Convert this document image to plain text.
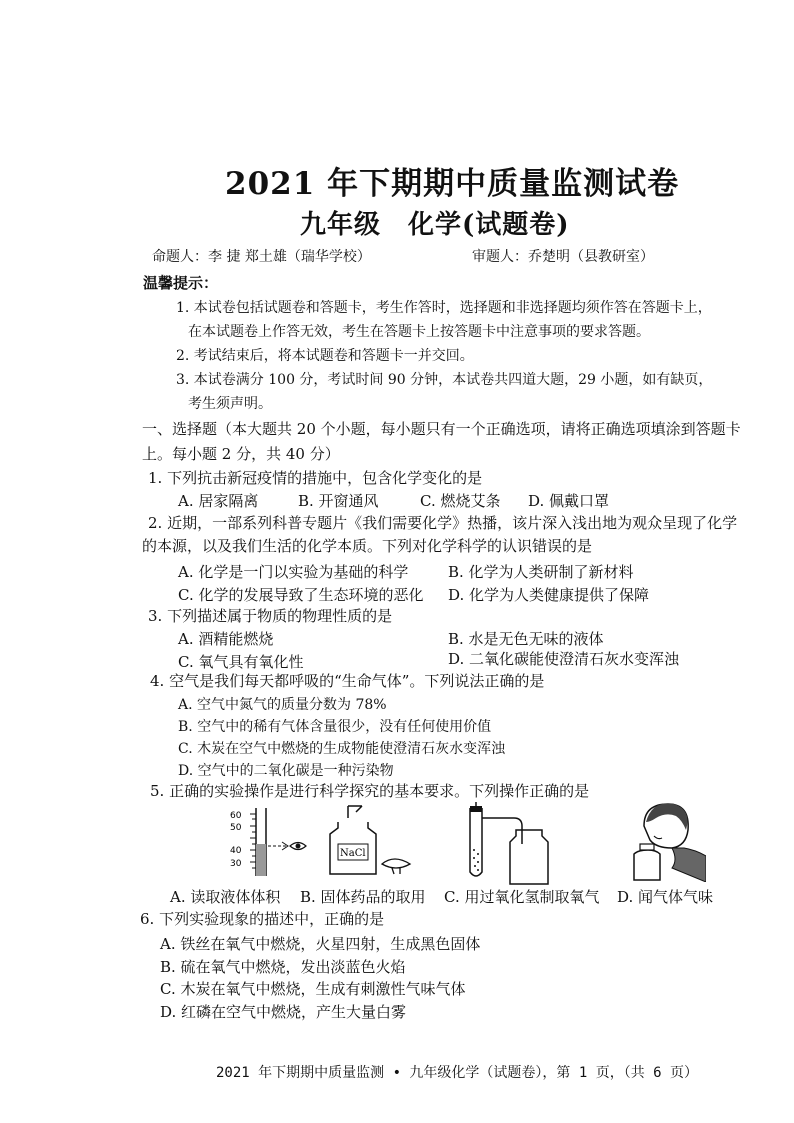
2021 年下期期中质量监测试卷
九年级　化学(试题卷)
命题人：李 捷 郑土雄（瑞华学校）	审题人：乔楚明（县教研室）
温馨提示：
1. 本试卷包括试题卷和答题卡，考生作答时，选择题和非选择题均须作答在答题卡上，
在本试题卷上作答无效，考生在答题卡上按答题卡中注意事项的要求答题。
2. 考试结束后，将本试题卷和答题卡一并交回。
3. 本试卷满分 100 分，考试时间 90 分钟，本试卷共四道大题，29 小题，如有缺页，
考生须声明。
一、选择题（本大题共 20 个小题，每小题只有一个正确选项，请将正确选项填涂到答题卡
上。每小题 2 分，共 40 分）
1. 下列抗击新冠疫情的措施中，包含化学变化的是
A. 居家隔离	B. 开窗通风	C. 燃烧艾条 D. 佩戴口罩
2. 近期，一部系列科普专题片《我们需要化学》热播，该片深入浅出地为观众呈现了化学
的本源，以及我们生活的化学本质。下列对化学科学的认识错误的是
A. 化学是一门以实验为基础的科学	B. 化学为人类研制了新材料
C. 化学的发展导致了生态环境的恶化 D. 化学为人类健康提供了保障
3. 下列描述属于物质的物理性质的是
A. 酒精能燃烧	B. 水是无色无味的液体
C. 氧气具有氧化性	D. 二氧化碳能使澄清石灰水变浑浊
4. 空气是我们每天都呼吸的“生命气体”。下列说法正确的是
A. 空气中氮气的质量分数为 78%
B. 空气中的稀有气体含量很少，没有任何使用价值
C. 木炭在空气中燃烧的生成物能使澄清石灰水变浑浊
D. 空气中的二氧化碳是一种污染物
5. 正确的实验操作是进行科学探究的基本要求。下列操作正确的是
60
50
40
30
NaCl
A. 读取液体体积 B. 固体药品的取用 C. 用过氧化氢制取氧气 D. 闻气体气味
6. 下列实验现象的描述中，正确的是
A. 铁丝在氧气中燃烧，火星四射，生成黑色固体
B. 硫在氧气中燃烧，发出淡蓝色火焰
C. 木炭在氧气中燃烧，生成有刺激性气味气体
D. 红磷在空气中燃烧，产生大量白雾
2021 年下期期中质量监测 • 九年级化学（试题卷），第 1 页，（共 6 页）
